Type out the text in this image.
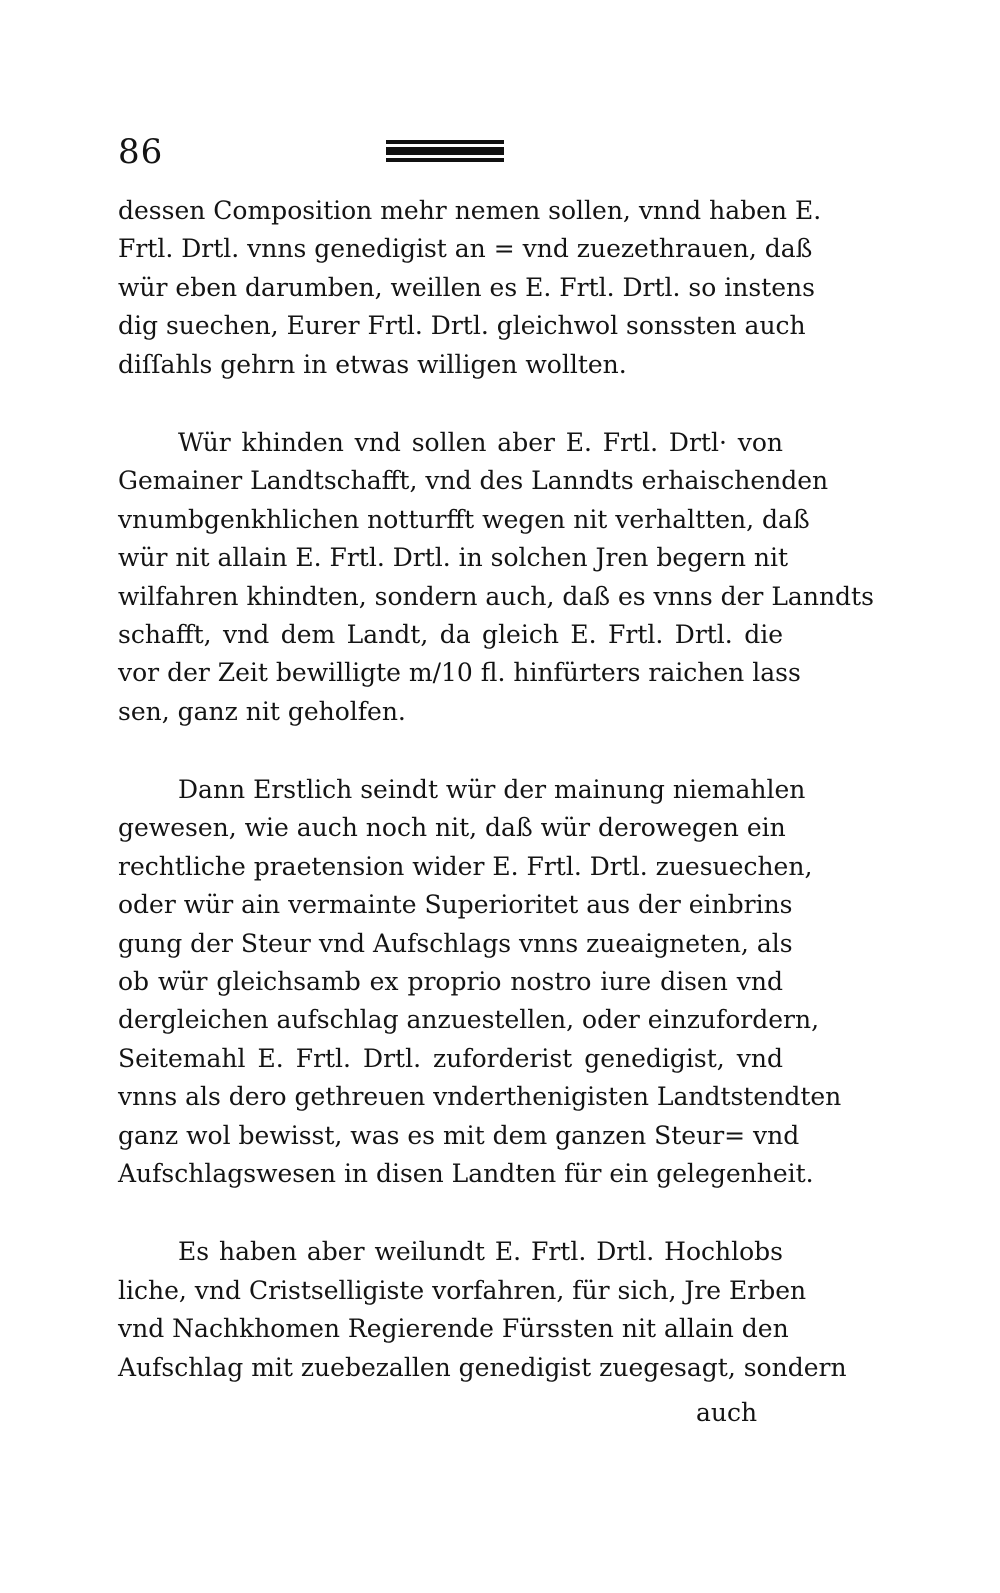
86
dessen Composition mehr nemen sollen, vnnd haben E.
Frtl. Drtl. vnns genedigist an = vnd zuezethrauen, daß
wür eben darumben, weillen es E. Frtl. Drtl. so instens
dig suechen, Eurer Frtl. Drtl. gleichwol sonssten auch
diſſahls gehrn in etwas willigen wollten.
Wür khinden vnd sollen aber E. Frtl. Drtl· von
Gemainer Landtschafft, vnd des Lanndts erhaischenden
vnumbgenkhlichen notturfft wegen nit verhaltten, daß
wür nit allain E. Frtl. Drtl. in solchen Jren begern nit
wilfahren khindten, sondern auch, daß es vnns der Lanndts
schafft, vnd dem Landt, da gleich E. Frtl. Drtl. die
vor der Zeit bewilligte m/10 fl. hinfürters raichen lass
sen, ganz nit geholfen.
Dann Erstlich seindt wür der mainung niemahlen
gewesen, wie auch noch nit, daß wür derowegen ein
rechtliche praetension wider E. Frtl. Drtl. zuesuechen,
oder wür ain vermainte Superioritet aus der einbrins
gung der Steur vnd Aufschlags vnns zueaigneten, als
ob wür gleichsamb ex proprio nostro iure disen vnd
dergleichen aufschlag anzuestellen, oder einzufordern,
Seitemahl E. Frtl. Drtl. zuforderist genedigist, vnd
vnns als dero gethreuen vnderthenigisten Landtstendten
ganz wol bewisst, was es mit dem ganzen Steur= vnd
Aufschlagswesen in disen Landten für ein gelegenheit.
Es haben aber weilundt E. Frtl. Drtl. Hochlobs
liche, vnd Cristselligiste vorfahren, für sich, Jre Erben
vnd Nachkhomen Regierende Fürssten nit allain den
Aufschlag mit zuebezallen genedigist zuegesagt, sondern
auch
